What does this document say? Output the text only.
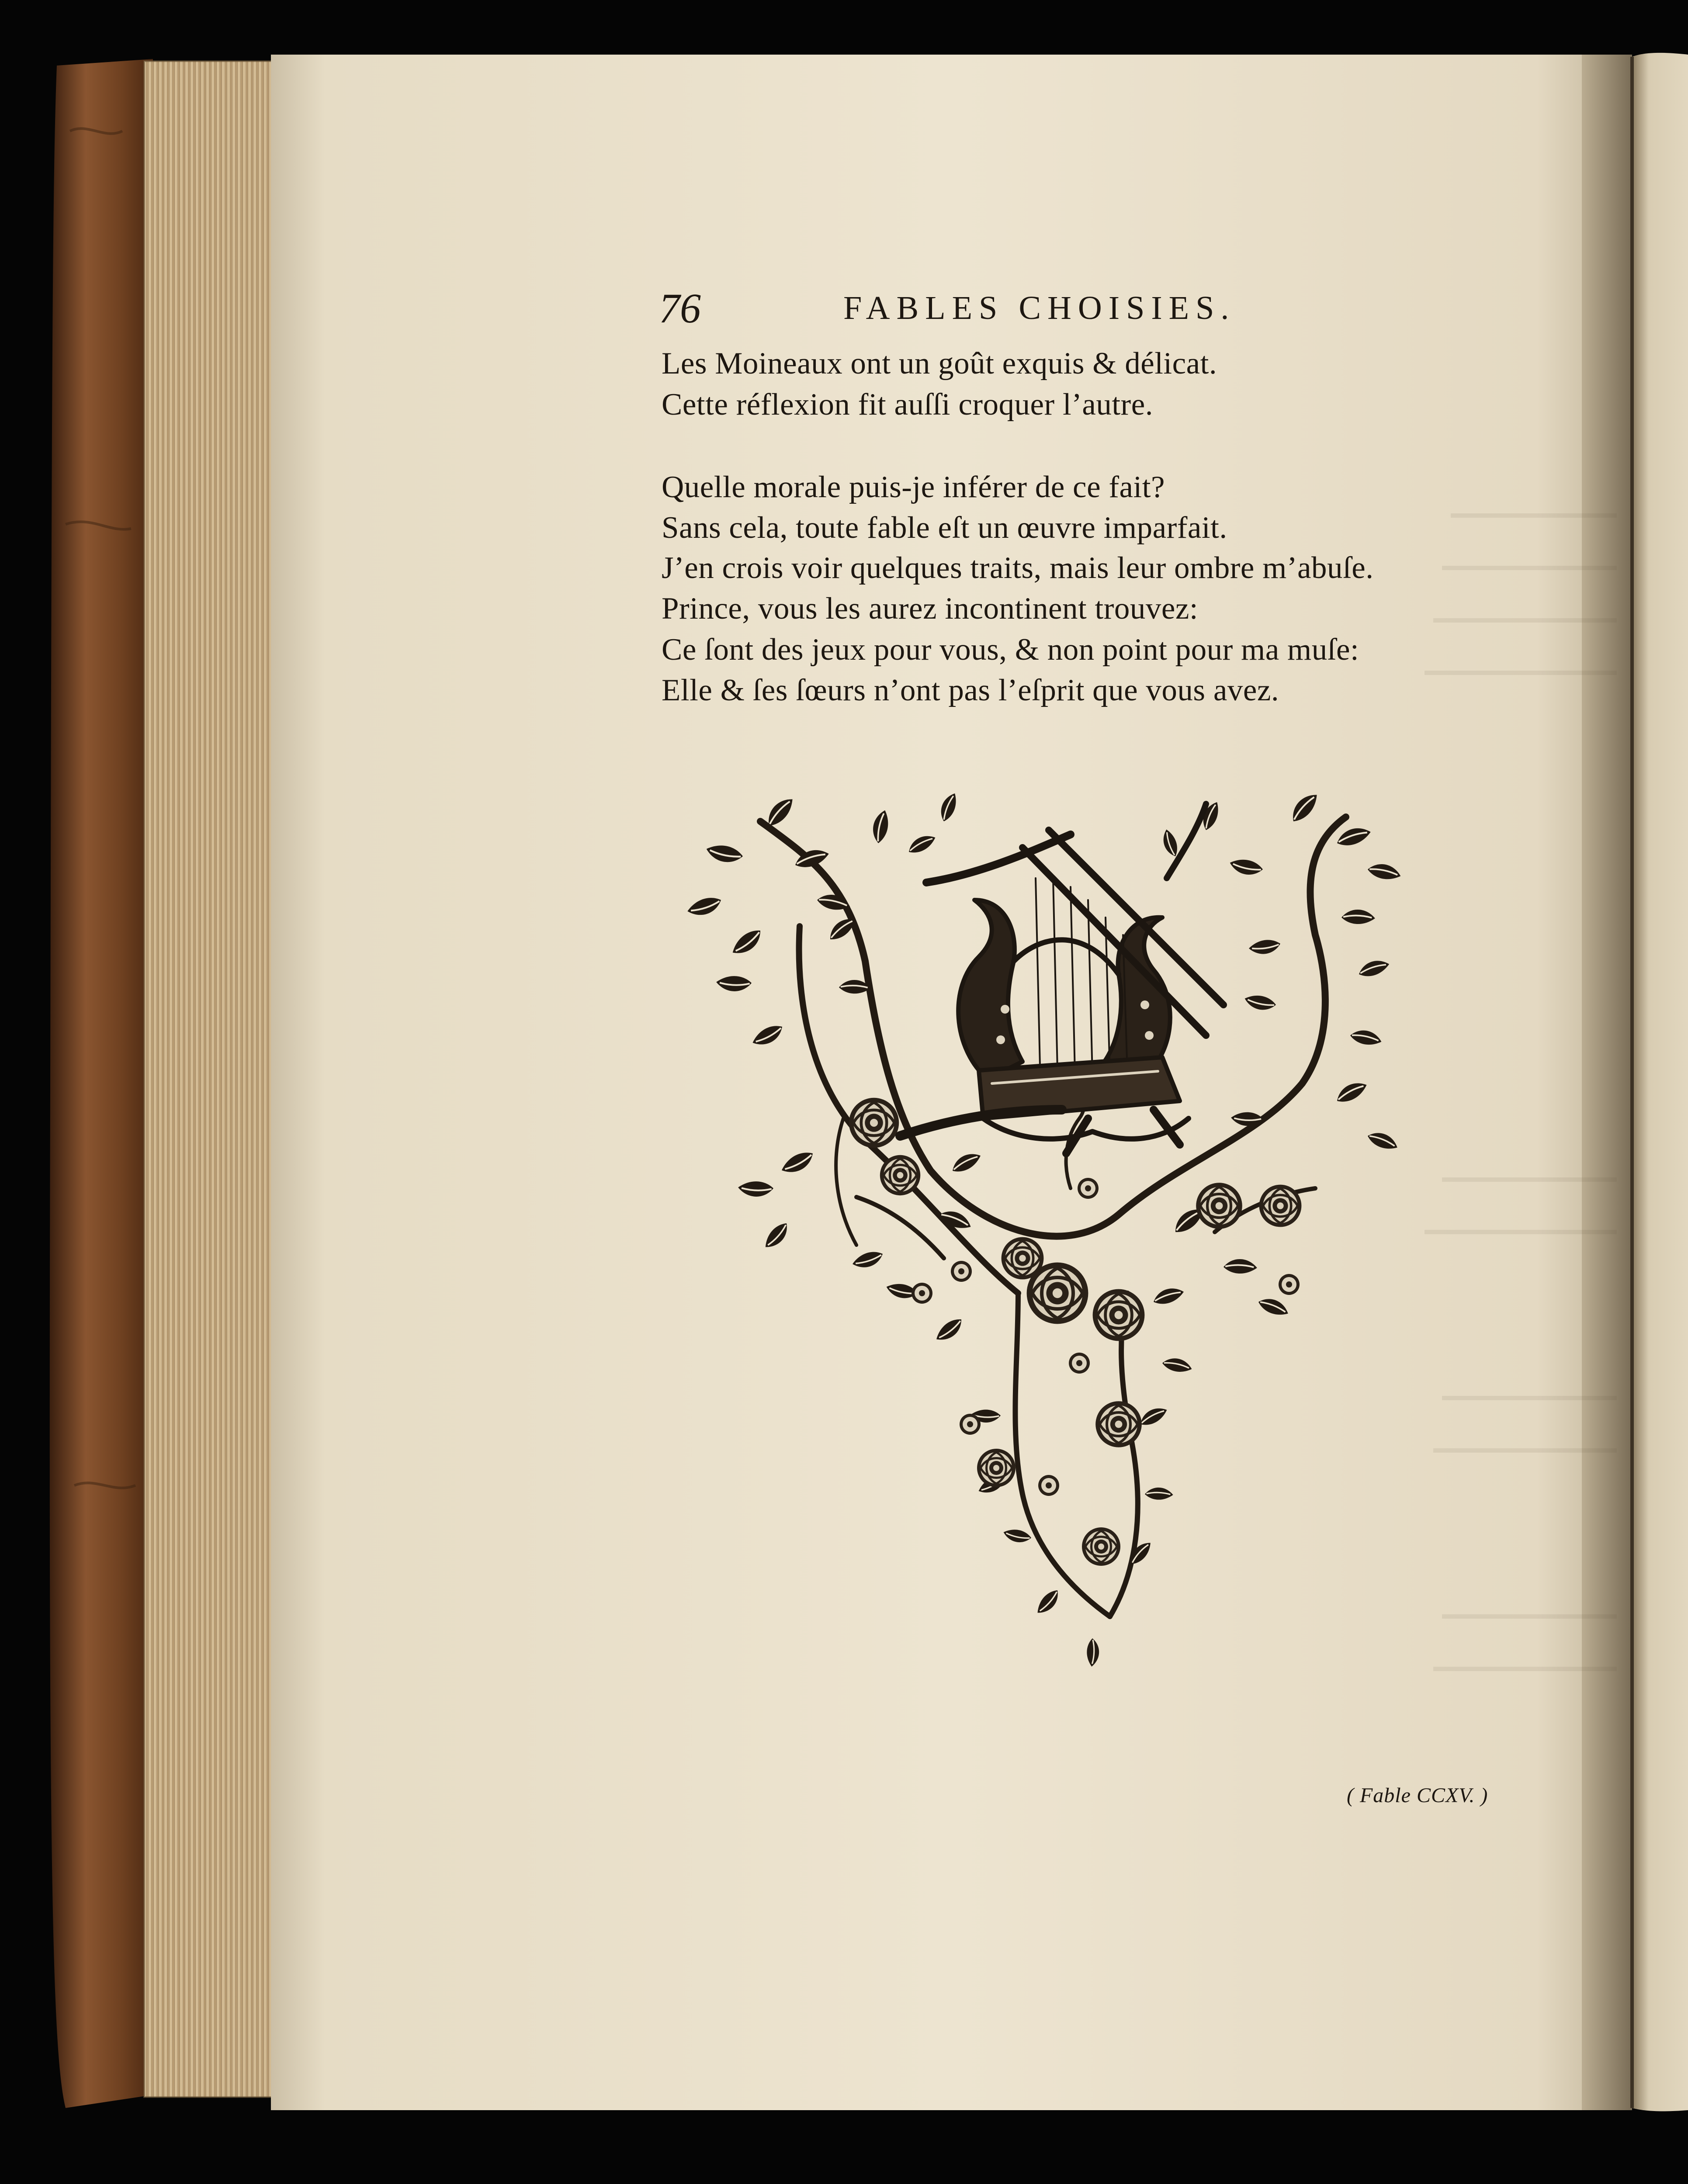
76	FABLES CHOISIES.
Les Moineaux ont un goût exquis & délicat.
Cette réflexion fit auſſi croquer l’autre.
Quelle morale puis-je inférer de ce fait?
Sans cela, toute fable eſt un œuvre imparfait.
J’en crois voir quelques traits, mais leur ombre m’abuſe.
Prince, vous les aurez incontinent trouvez:
Ce ſont des jeux pour vous, & non point pour ma muſe:
Elle & ſes ſœurs n’ont pas l’eſprit que vous avez.
( Fable CCXV. )
